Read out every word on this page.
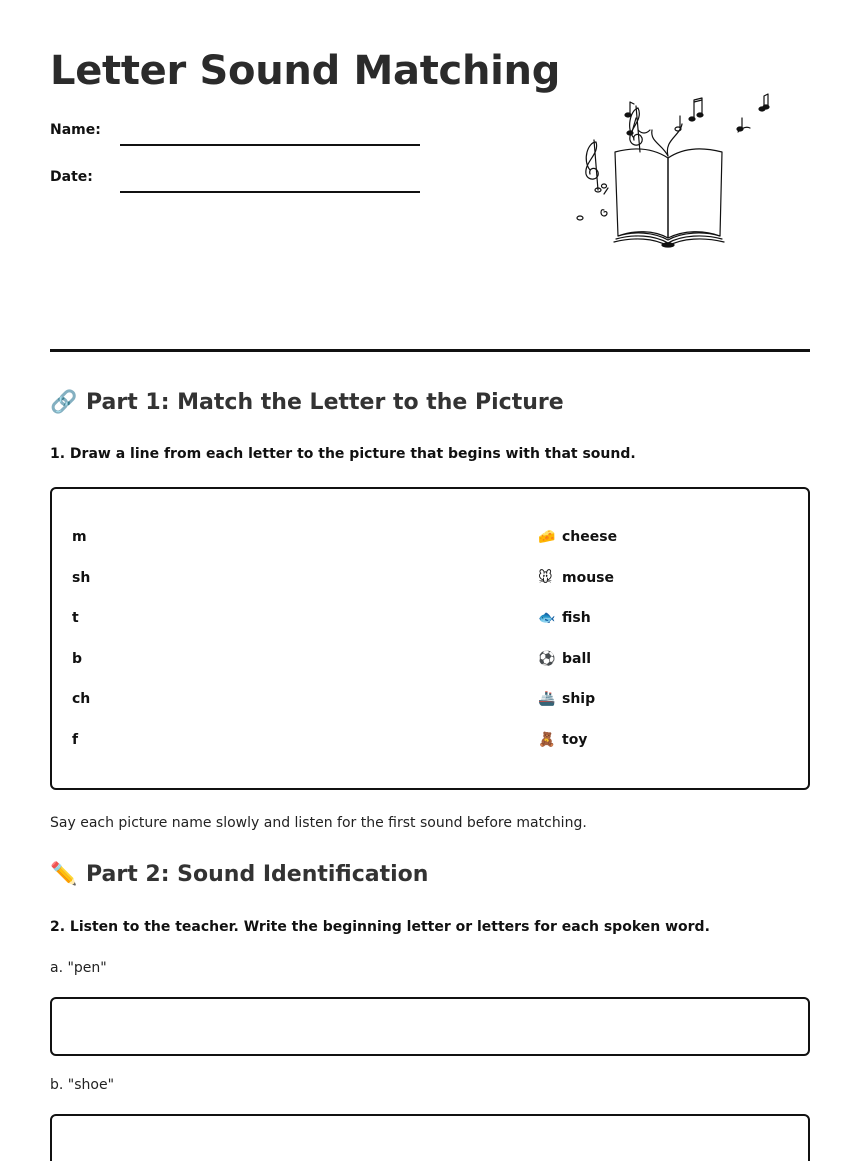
Letter Sound Matching
Name:
Date:
🔗 Part 1: Match the Letter to the Picture
1. Draw a line from each letter to the picture that begins with that sound.
m
sh
t
b
ch
f
🧀 cheese
🐭 mouse
🐟 fish
⚽ ball
🚢 ship
🧸 toy
Say each picture name slowly and listen for the first sound before matching.
✏️ Part 2: Sound Identification
2. Listen to the teacher. Write the beginning letter or letters for each spoken word.
a. "pen"
b. "shoe"
